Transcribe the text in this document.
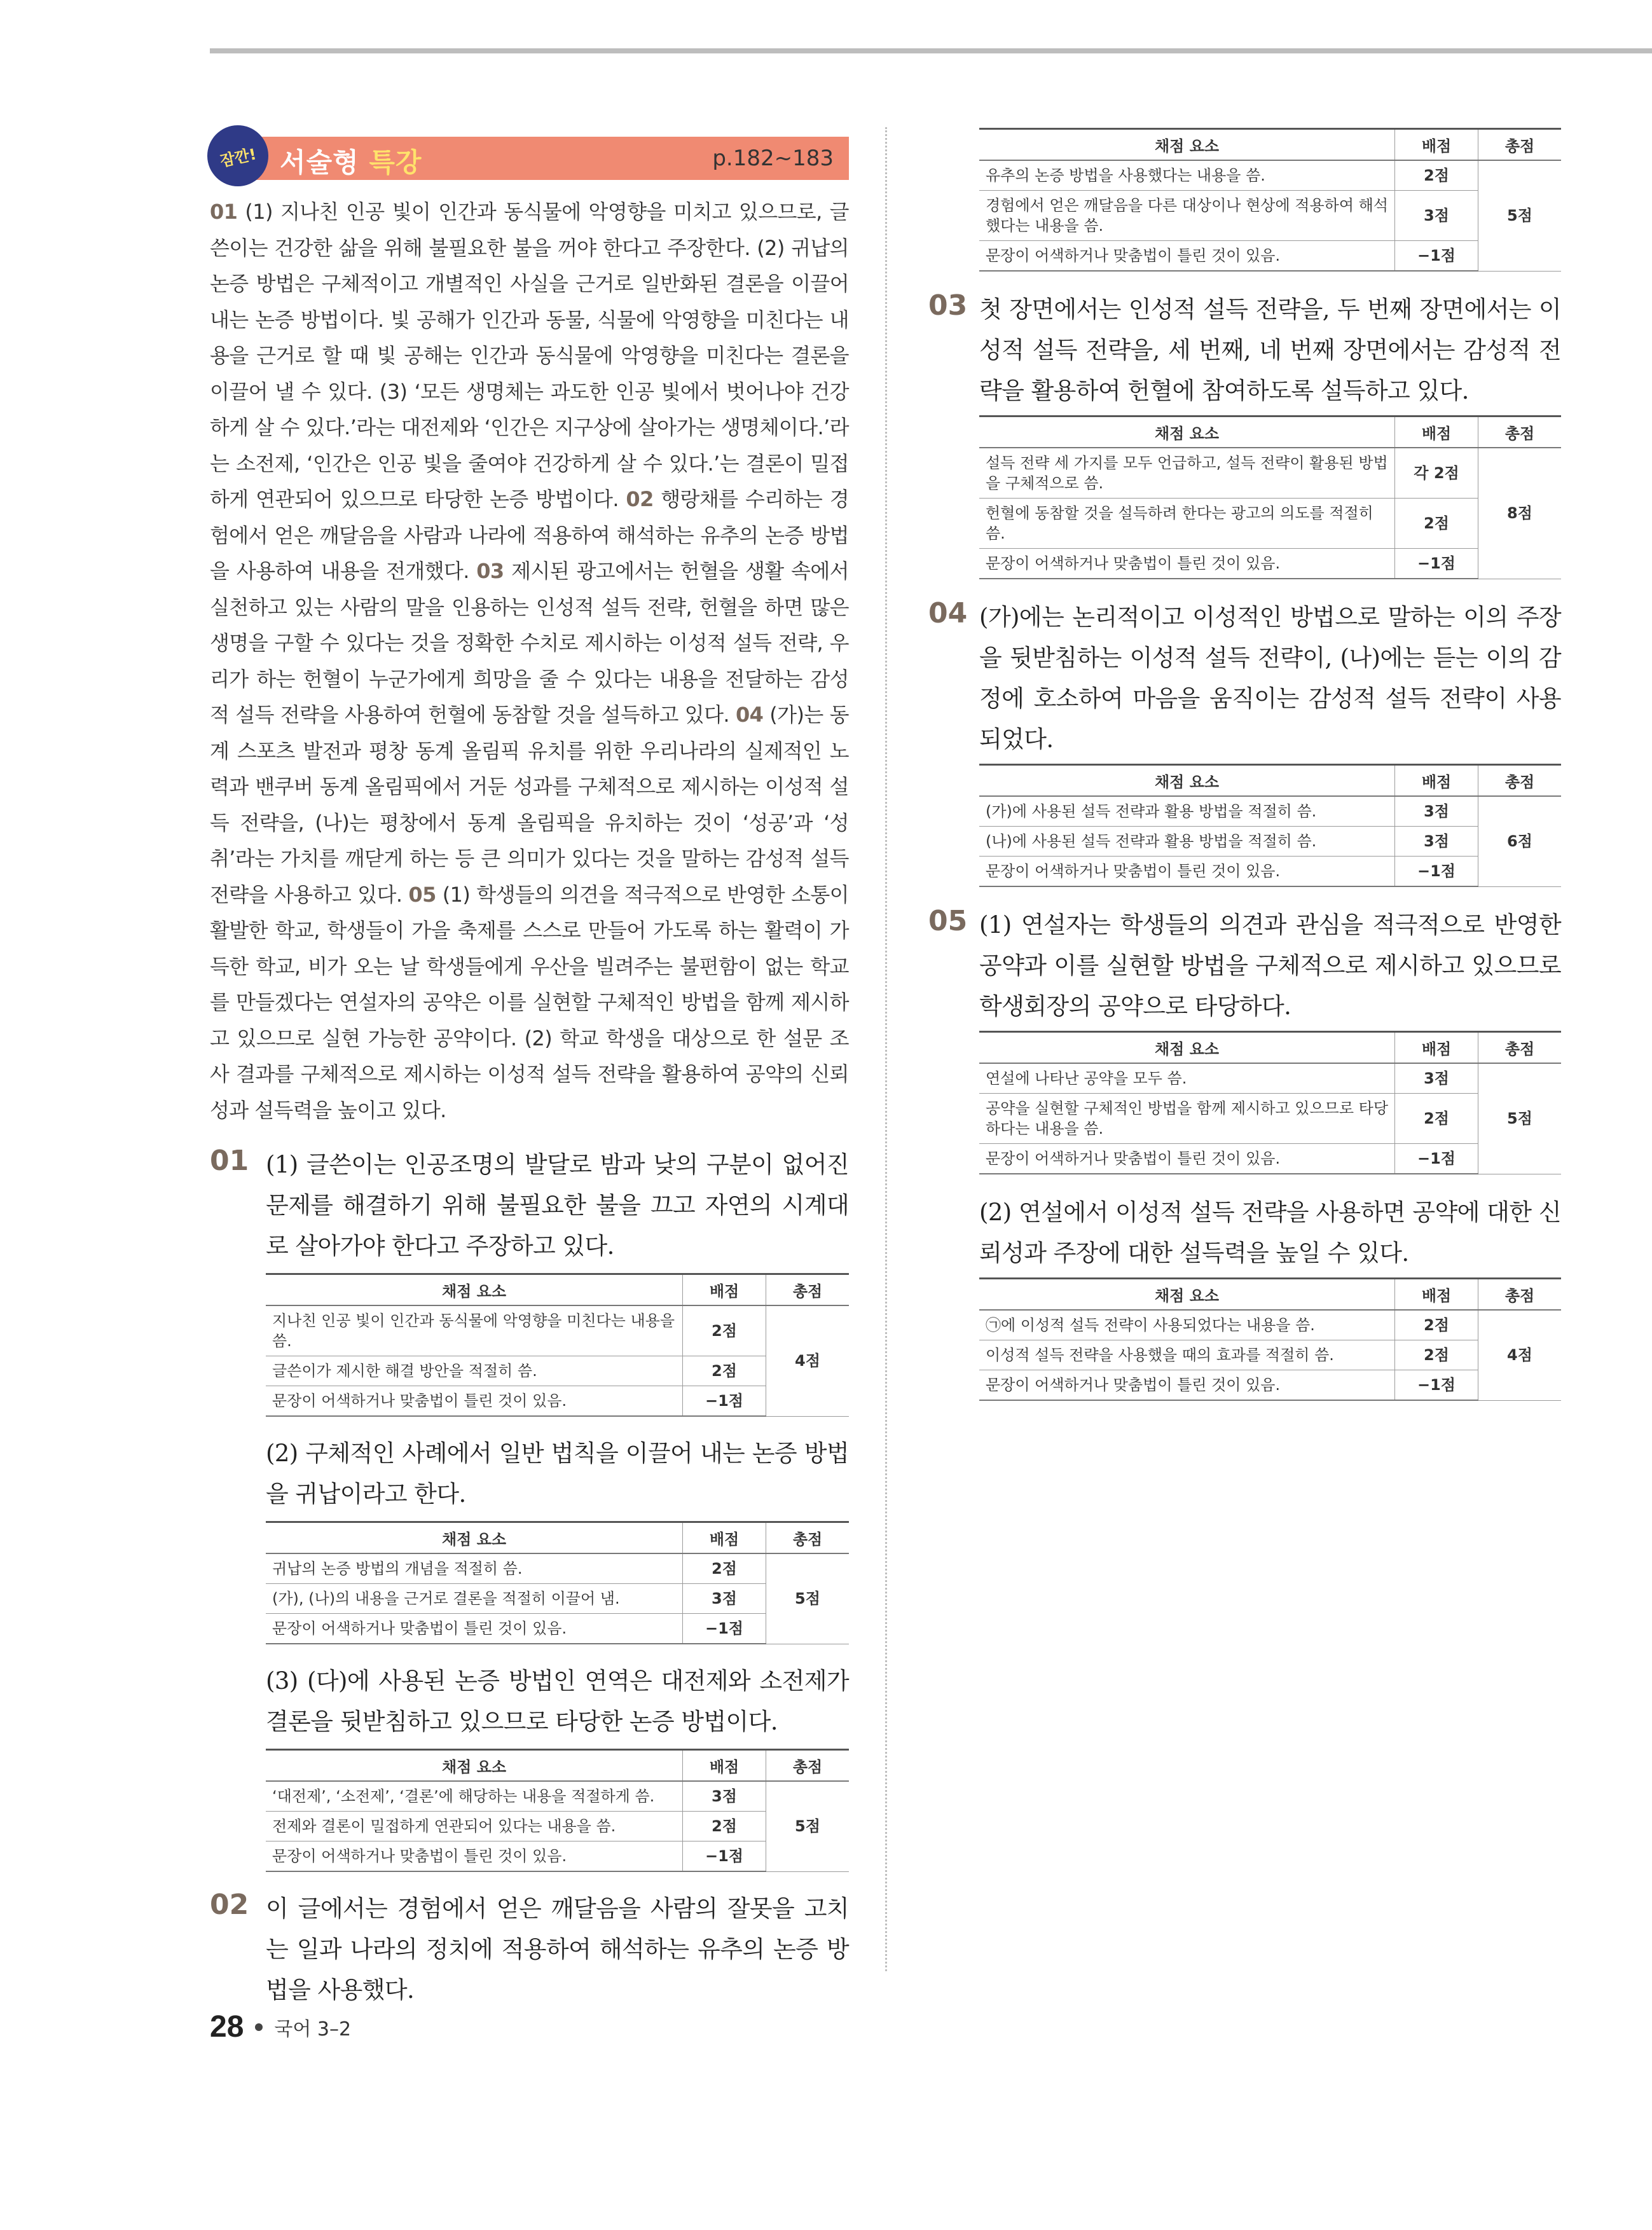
잠깐! 서술형 특강	p.182~183
01 (1) 지나친 인공 빛이 인간과 동식물에 악영향을 미치고 있으므로, 글쓴이는 건강한 삶을 위해 불필요한 불을 꺼야 한다고 주장한다. (2) 귀납의 논증 방법은 구체적이고 개별적인 사실을 근거로 일반화된 결론을 이끌어 내는 논증 방법이다. 빛 공해가 인간과 동물, 식물에 악영향을 미친다는 내용을 근거로 할 때 빛 공해는 인간과 동식물에 악영향을 미친다는 결론을 이끌어 낼 수 있다. (3) ‘모든 생명체는 과도한 인공 빛에서 벗어나야 건강하게 살 수 있다.’라는 대전제와 ‘인간은 지구상에 살아가는 생명체이다.’라는 소전제, ‘인간은 인공 빛을 줄여야 건강하게 살 수 있다.’는 결론이 밀접하게 연관되어 있으므로 타당한 논증 방법이다. 02 행랑채를 수리하는 경험에서 얻은 깨달음을 사람과 나라에 적용하여 해석하는 유추의 논증 방법을 사용하여 내용을 전개했다. 03 제시된 광고에서는 헌혈을 생활 속에서 실천하고 있는 사람의 말을 인용하는 인성적 설득 전략, 헌혈을 하면 많은 생명을 구할 수 있다는 것을 정확한 수치로 제시하는 이성적 설득 전략, 우리가 하는 헌혈이 누군가에게 희망을 줄 수 있다는 내용을 전달하는 감성적 설득 전략을 사용하여 헌혈에 동참할 것을 설득하고 있다. 04 (가)는 동계 스포츠 발전과 평창 동계 올림픽 유치를 위한 우리나라의 실제적인 노력과 밴쿠버 동계 올림픽에서 거둔 성과를 구체적으로 제시하는 이성적 설득 전략을, (나)는 평창에서 동계 올림픽을 유치하는 것이 ‘성공’과 ‘성취’라는 가치를 깨닫게 하는 등 큰 의미가 있다는 것을 말하는 감성적 설득 전략을 사용하고 있다. 05 (1) 학생들의 의견을 적극적으로 반영한 소통이 활발한 학교, 학생들이 가을 축제를 스스로 만들어 가도록 하는 활력이 가득한 학교, 비가 오는 날 학생들에게 우산을 빌려주는 불편함이 없는 학교를 만들겠다는 연설자의 공약은 이를 실현할 구체적인 방법을 함께 제시하고 있으므로 실현 가능한 공약이다. (2) 학교 학생을 대상으로 한 설문 조사 결과를 구체적으로 제시하는 이성적 설득 전략을 활용하여 공약의 신뢰성과 설득력을 높이고 있다.
01 (1) 글쓴이는 인공조명의 발달로 밤과 낮의 구분이 없어진 문제를 해결하기 위해 불필요한 불을 끄고 자연의 시계대로 살아가야 한다고 주장하고 있다.
채점 요소	배점	총점
지나친 인공 빛이 인간과 동식물에 악영향을 미친다는 내용을 씀.	2점	4점
글쓴이가 제시한 해결 방안을 적절히 씀.	2점	
문장이 어색하거나 맞춤법이 틀린 것이 있음.	−1점	
(2) 구체적인 사례에서 일반 법칙을 이끌어 내는 논증 방법을 귀납이라고 한다.
채점 요소	배점	총점
귀납의 논증 방법의 개념을 적절히 씀.	2점	5점
(가), (나)의 내용을 근거로 결론을 적절히 이끌어 냄.	3점	
문장이 어색하거나 맞춤법이 틀린 것이 있음.	−1점	
(3) (다)에 사용된 논증 방법인 연역은 대전제와 소전제가 결론을 뒷받침하고 있으므로 타당한 논증 방법이다.
채점 요소	배점	총점
‘대전제’, ‘소전제’, ‘결론’에 해당하는 내용을 적절하게 씀.	3점	5점
전제와 결론이 밀접하게 연관되어 있다는 내용을 씀.	2점	
문장이 어색하거나 맞춤법이 틀린 것이 있음.	−1점	
02 이 글에서는 경험에서 얻은 깨달음을 사람의 잘못을 고치는 일과 나라의 정치에 적용하여 해석하는 유추의 논증 방법을 사용했다.
채점 요소	배점	총점
유추의 논증 방법을 사용했다는 내용을 씀.	2점	5점
경험에서 얻은 깨달음을 다른 대상이나 현상에 적용하여 해석했다는 내용을 씀.	3점	
문장이 어색하거나 맞춤법이 틀린 것이 있음.	−1점	
03 첫 장면에서는 인성적 설득 전략을, 두 번째 장면에서는 이성적 설득 전략을, 세 번째, 네 번째 장면에서는 감성적 전략을 활용하여 헌혈에 참여하도록 설득하고 있다.
채점 요소	배점	총점
설득 전략 세 가지를 모두 언급하고, 설득 전략이 활용된 방법을 구체적으로 씀.	각 2점	8점
헌혈에 동참할 것을 설득하려 한다는 광고의 의도를 적절히 씀.	2점	
문장이 어색하거나 맞춤법이 틀린 것이 있음.	−1점	
04 (가)에는 논리적이고 이성적인 방법으로 말하는 이의 주장을 뒷받침하는 이성적 설득 전략이, (나)에는 듣는 이의 감정에 호소하여 마음을 움직이는 감성적 설득 전략이 사용되었다.
채점 요소	배점	총점
(가)에 사용된 설득 전략과 활용 방법을 적절히 씀.	3점	6점
(나)에 사용된 설득 전략과 활용 방법을 적절히 씀.	3점	
문장이 어색하거나 맞춤법이 틀린 것이 있음.	−1점	
05 (1) 연설자는 학생들의 의견과 관심을 적극적으로 반영한 공약과 이를 실현할 방법을 구체적으로 제시하고 있으므로 학생회장의 공약으로 타당하다.
채점 요소	배점	총점
연설에 나타난 공약을 모두 씀.	3점	5점
공약을 실현할 구체적인 방법을 함께 제시하고 있으므로 타당하다는 내용을 씀.	2점	
문장이 어색하거나 맞춤법이 틀린 것이 있음.	−1점	
(2) 연설에서 이성적 설득 전략을 사용하면 공약에 대한 신뢰성과 주장에 대한 설득력을 높일 수 있다.
채점 요소	배점	총점
㉠에 이성적 설득 전략이 사용되었다는 내용을 씀.	2점	4점
이성적 설득 전략을 사용했을 때의 효과를 적절히 씀.	2점	
문장이 어색하거나 맞춤법이 틀린 것이 있음.	−1점	
28 국어 3–2
